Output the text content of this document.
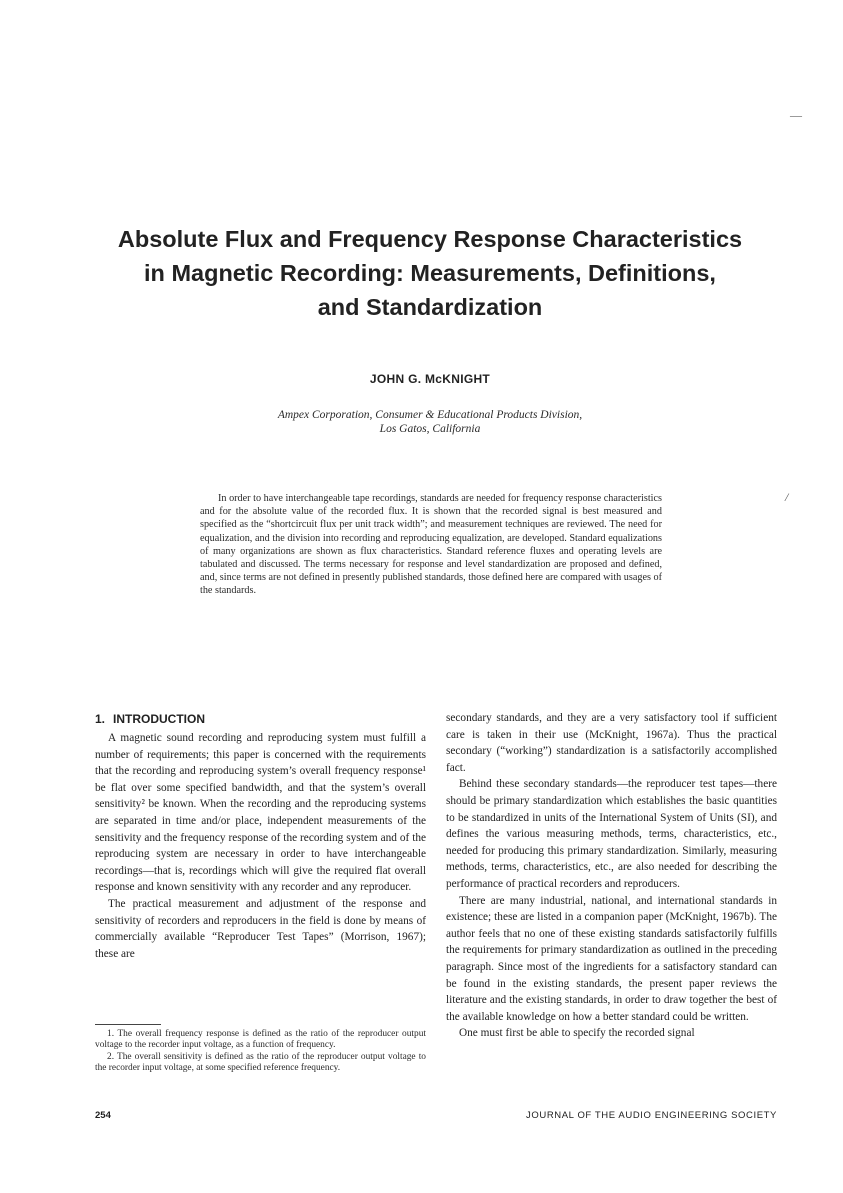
Absolute Flux and Frequency Response Characteristics
in Magnetic Recording: Measurements, Definitions,
and Standardization
JOHN G. McKNIGHT
Ampex Corporation, Consumer & Educational Products Division,
Los Gatos, California

In order to have interchangeable tape recordings, standards are needed for frequency response characteristics and for the absolute value of the recorded flux. It is shown that the recorded signal is best measured and specified as the “shortcircuit flux per unit track width”; and measurement techniques are reviewed. The need for equalization, and the division into recording and reproducing equalization, are developed. Standard equalizations of many organizations are shown as flux characteristics. Standard reference fluxes and operating levels are tabulated and discussed. The terms necessary for response and level standardization are proposed and defined, and, since terms are not defined in presently published standards, those defined here are compared with usages of the standards.

1. INTRODUCTION

A magnetic sound recording and reproducing system must fulfill a number of requirements; this paper is concerned with the requirements that the recording and reproducing system’s overall frequency response¹ be flat over some specified bandwidth, and that the system’s overall sensitivity² be known. When the recording and the reproducing systems are separated in time and/or place, independent measurements of the sensitivity and the frequency response of the recording system and of the reproducing system are necessary in order to have interchangeable recordings—that is, recordings which will give the required flat overall response and known sensitivity with any recorder and any reproducer.

The practical measurement and adjustment of the response and sensitivity of recorders and reproducers in the field is done by means of commercially available “Reproducer Test Tapes” (Morrison, 1967); these are

secondary standards, and they are a very satisfactory tool if sufficient care is taken in their use (McKnight, 1967a). Thus the practical secondary (“working”) standardization is a satisfactorily accomplished fact.

Behind these secondary standards—the reproducer test tapes—there should be primary standardization which establishes the basic quantities to be standardized in units of the International System of Units (SI), and defines the various measuring methods, terms, characteristics, etc., needed for producing this primary standardization. Similarly, measuring methods, terms, characteristics, etc., are also needed for describing the performance of practical recorders and reproducers.

There are many industrial, national, and international standards in existence; these are listed in a companion paper (McKnight, 1967b). The author feels that no one of these existing standards satisfactorily fulfills the requirements for primary standardization as outlined in the preceding paragraph. Since most of the ingredients for a satisfactory standard can be found in the existing standards, the present paper reviews the literature and the existing standards, in order to draw together the best of the available knowledge on how a better standard could be written.

One must first be able to specify the recorded signal

1. The overall frequency response is defined as the ratio of the reproducer output voltage to the recorder input voltage, as a function of frequency.

2. The overall sensitivity is defined as the ratio of the reproducer output voltage to the recorder input voltage, at some specified reference frequency.

254	JOURNAL OF THE AUDIO ENGINEERING SOCIETY
—
/
